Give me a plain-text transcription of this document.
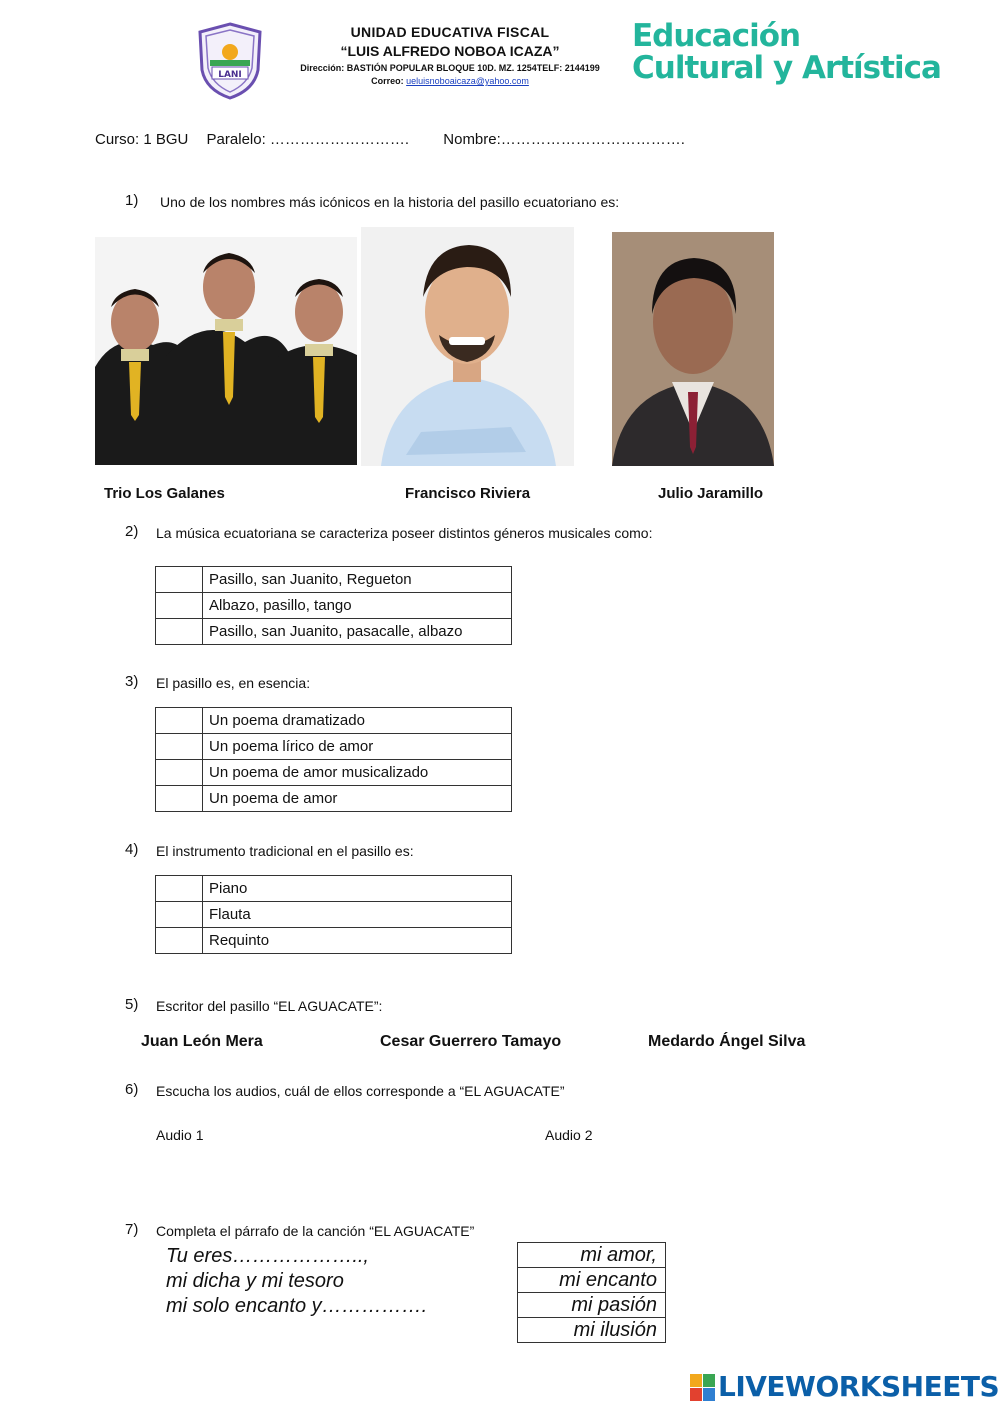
LANI
UNIDAD EDUCATIVA FISCAL
“LUIS ALFREDO NOBOA ICAZA”
Dirección: BASTIÓN POPULAR BLOQUE 10D. MZ. 1254TELF: 2144199
Correo: ueluisnoboaicaza@yahoo.com
Educación
Cultural y Artística
Curso: 1 BGU Paralelo: ………………………. Nombre:……………………………….
1) Uno de los nombres más icónicos en la historia del pasillo ecuatoriano es:
Trio Los Galanes	Francisco Riviera	Julio Jaramillo
2) La música ecuatoriana se caracteriza poseer distintos géneros musicales como:
	Pasillo, san Juanito, Regueton
	Albazo, pasillo, tango
	Pasillo, san Juanito, pasacalle, albazo
3) El pasillo es, en esencia:
	Un poema dramatizado
	Un poema lírico de amor
	Un poema de amor musicalizado
	Un poema de amor
4) El instrumento tradicional en el pasillo es:
	Piano
	Flauta
	Requinto
5) Escritor del pasillo “EL AGUACATE”:
Juan León Mera	Cesar Guerrero Tamayo	Medardo Ángel Silva
6) Escucha los audios, cuál de ellos corresponde a “EL AGUACATE”
Audio 1	Audio 2
7) Completa el párrafo de la canción “EL AGUACATE”
Tu eres………………..,
mi dicha y mi tesoro
mi solo encanto y…………….
mi amor,
mi encanto
mi pasión
mi ilusión
LIVEWORKSHEETS
